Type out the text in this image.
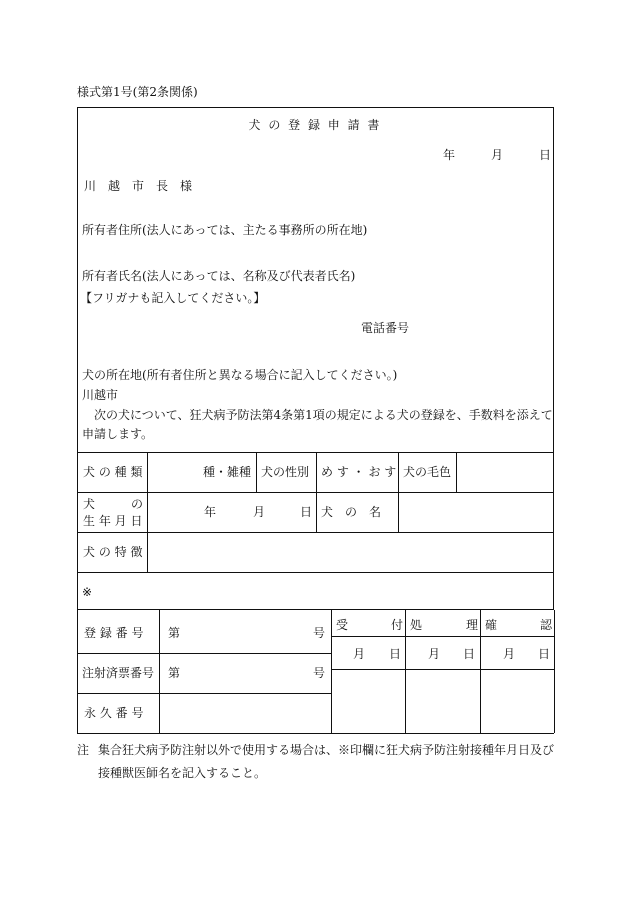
様式第1号(第2条関係)
犬 の 登 録 申 請 書
年	月	日
川　越　市　長　様
所有者住所(法人にあっては、主たる事務所の所在地)
所有者氏名(法人にあっては、名称及び代表者氏名)
【フリガナも記入してください。】
電話番号
犬の所在地(所有者住所と異なる場合に記入してください。)
川越市
次の犬について、狂犬病予防法第4条第1項の規定による犬の登録を、手数料を添えて
申請します。
犬 の 種 類	種・雑種 犬の性別 め す ・ お す 犬の毛色
犬　　　の
生 年 月 日
年	月	日 犬　の　名
犬 の 特 徴
※
登 録 番 号 第	号
注射済票番号 第	号
永 久 番 号
受	付 処	理 確	認
月 日 月 日 月 日
注 集合狂犬病予防注射以外で使用する場合は、※印欄に狂犬病予防注射接種年月日及び
接種獣医師名を記入すること。
